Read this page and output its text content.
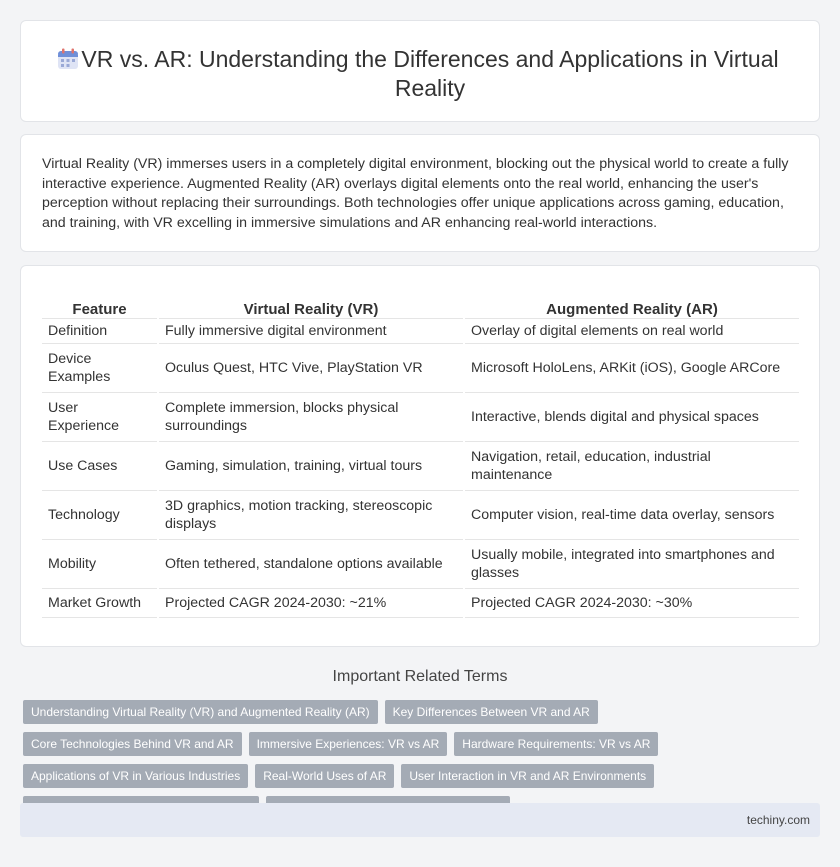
VR vs. AR: Understanding the Differences and Applications in Virtual Reality

Virtual Reality (VR) immerses users in a completely digital environment, blocking out the physical world to create a fully interactive experience. Augmented Reality (AR) overlays digital elements onto the real world, enhancing the user's perception without replacing their surroundings. Both technologies offer unique applications across gaming, education, and training, with VR excelling in immersive simulations and AR enhancing real-world interactions.

Feature	Virtual Reality (VR)	Augmented Reality (AR)
Definition	Fully immersive digital environment	Overlay of digital elements on real world
Device Examples	Oculus Quest, HTC Vive, PlayStation VR	Microsoft HoloLens, ARKit (iOS), Google ARCore
User Experience	Complete immersion, blocks physical surroundings	Interactive, blends digital and physical spaces
Use Cases	Gaming, simulation, training, virtual tours	Navigation, retail, education, industrial maintenance
Technology	3D graphics, motion tracking, stereoscopic displays	Computer vision, real-time data overlay, sensors
Mobility	Often tethered, standalone options available	Usually mobile, integrated into smartphones and glasses
Market Growth	Projected CAGR 2024-2030: ~21%	Projected CAGR 2024-2030: ~30%
Important Related Terms
Understanding Virtual Reality (VR) and Augmented Reality (AR)	Key Differences Between VR and AR
Core Technologies Behind VR and AR	Immersive Experiences: VR vs AR	Hardware Requirements: VR vs AR
Applications of VR in Various Industries	Real-World Uses of AR	User Interaction in VR and AR Environments
techiny.com
